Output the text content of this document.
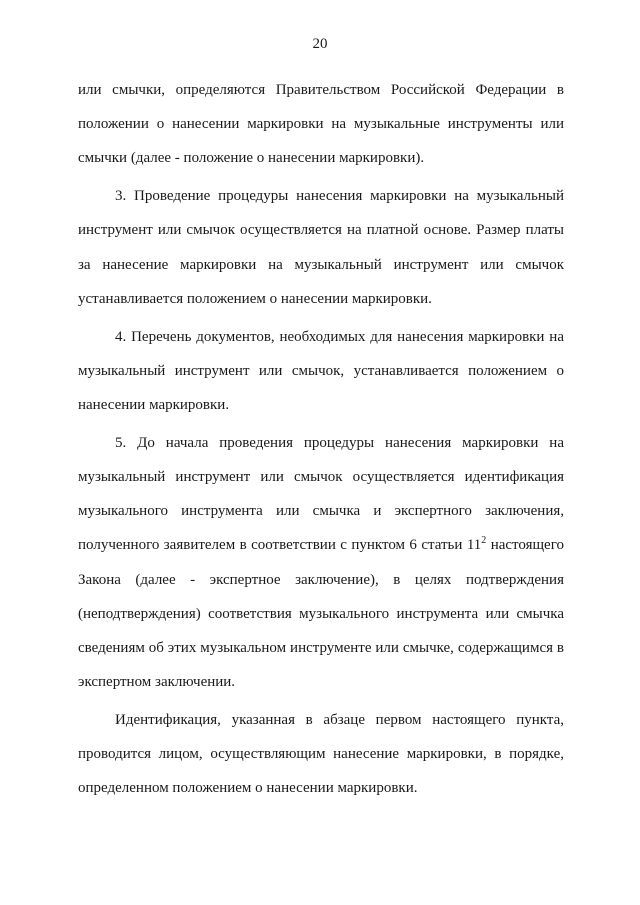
20

или смычки, определяются Правительством Российской Федерации в положении о нанесении маркировки на музыкальные инструменты или смычки (далее - положение о нанесении маркировки).

3. Проведение процедуры нанесения маркировки на музыкальный инструмент или смычок осуществляется на платной основе. Размер платы за нанесение маркировки на музыкальный инструмент или смычок устанавливается положением о нанесении маркировки.

4. Перечень документов, необходимых для нанесения маркировки на музыкальный инструмент или смычок, устанавливается положением о нанесении маркировки.

5. До начала проведения процедуры нанесения маркировки на музыкальный инструмент или смычок осуществляется идентификация музыкального инструмента или смычка и экспертного заключения, полученного заявителем в соответствии с пунктом 6 статьи $11^2$ настоящего Закона (далее - экспертное заключение), в целях подтверждения (неподтверждения) соответствия музыкального инструмента или смычка сведениям об этих музыкальном инструменте или смычке, содержащимся в экспертном заключении.

Идентификация, указанная в абзаце первом настоящего пункта, проводится лицом, осуществляющим нанесение маркировки, в порядке, определенном положением о нанесении маркировки.
